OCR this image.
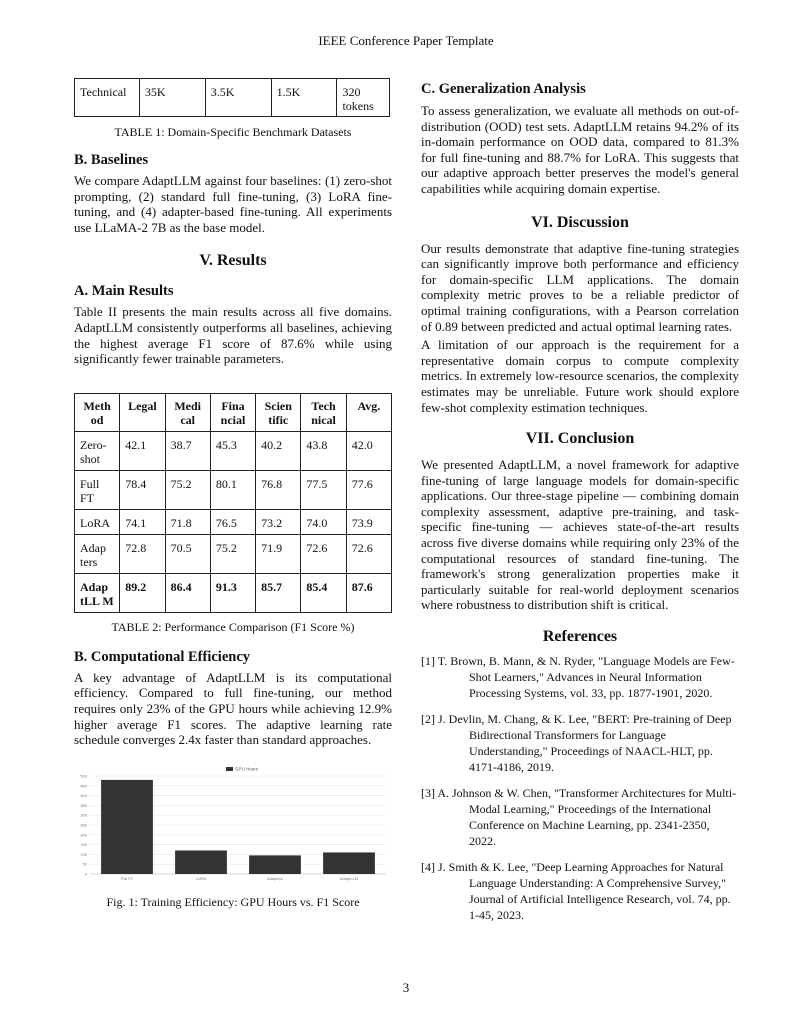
IEEE Conference Paper Template
Technical	35K	3.5K	1.5K	320 tokens
TABLE 1: Domain-Specific Benchmark Datasets
B. Baselines

We compare AdaptLLM against four baselines: (1) zero-shot prompting, (2) standard full fine-tuning, (3) LoRA fine-tuning, and (4) adapter-based fine-tuning. All experiments use LLaMA-2 7B as the base model.

V. Results
A. Main Results

Table II presents the main results across all five domains. AdaptLLM consistently outperforms all baselines, achieving the highest average F1 score of 87.6% while using significantly fewer trainable parameters.

Meth od	Legal	Medi cal	Fina ncial	Scien tific	Tech nical	Avg.
Zero-shot	42.1	38.7	45.3	40.2	43.8	42.0
Full FT	78.4	75.2	80.1	76.8	77.5	77.6
LoRA	74.1	71.8	76.5	73.2	74.0	73.9
Adap ters	72.8	70.5	75.2	71.9	72.6	72.6
Adap tLL M	89.2	86.4	91.3	85.7	85.4	87.6
TABLE 2: Performance Comparison (F1 Score %)
B. Computational Efficiency

A key advantage of AdaptLLM is its computational efficiency. Compared to full fine-tuning, our method requires only 23% of the GPU hours while achieving 12.9% higher average F1 scores. The adaptive learning rate schedule converges 2.4x faster than standard approaches.

0
50
100
150
200
250
300
350
400
450
500
Full FT	LoRA	Adapters	AdaptLLM
GPU Hours
Fig. 1: Training Efficiency: GPU Hours vs. F1 Score
C. Generalization Analysis

To assess generalization, we evaluate all methods on out-of-distribution (OOD) test sets. AdaptLLM retains 94.2% of its in-domain performance on OOD data, compared to 81.3% for full fine-tuning and 88.7% for LoRA. This suggests that our adaptive approach better preserves the model's general capabilities while acquiring domain expertise.

VI. Discussion

Our results demonstrate that adaptive fine-tuning strategies can significantly improve both performance and efficiency for domain-specific LLM applications. The domain complexity metric proves to be a reliable predictor of optimal training configurations, with a Pearson correlation of 0.89 between predicted and actual optimal learning rates.

A limitation of our approach is the requirement for a representative domain corpus to compute complexity metrics. In extremely low-resource scenarios, the complexity estimates may be unreliable. Future work should explore few-shot complexity estimation techniques.

VII. Conclusion

We presented AdaptLLM, a novel framework for adaptive fine-tuning of large language models for domain-specific applications. Our three-stage pipeline — combining domain complexity assessment, adaptive pre-training, and task-specific fine-tuning — achieves state-of-the-art results across five diverse domains while requiring only 23% of the computational resources of standard fine-tuning. The framework's strong generalization properties make it particularly suitable for real-world deployment scenarios where robustness to distribution shift is critical.

References

[1] T. Brown, B. Mann, & N. Ryder, "Language Models are Few-Shot Learners," Advances in Neural Information Processing Systems, vol. 33, pp. 1877-1901, 2020.

[2] J. Devlin, M. Chang, & K. Lee, "BERT: Pre-training of Deep Bidirectional Transformers for Language Understanding," Proceedings of NAACL-HLT, pp. 4171-4186, 2019.

[3] A. Johnson & W. Chen, "Transformer Architectures for Multi-Modal Learning," Proceedings of the International Conference on Machine Learning, pp. 2341-2350, 2022.

[4] J. Smith & K. Lee, "Deep Learning Approaches for Natural Language Understanding: A Comprehensive Survey," Journal of Artificial Intelligence Research, vol. 74, pp. 1-45, 2023.

3
